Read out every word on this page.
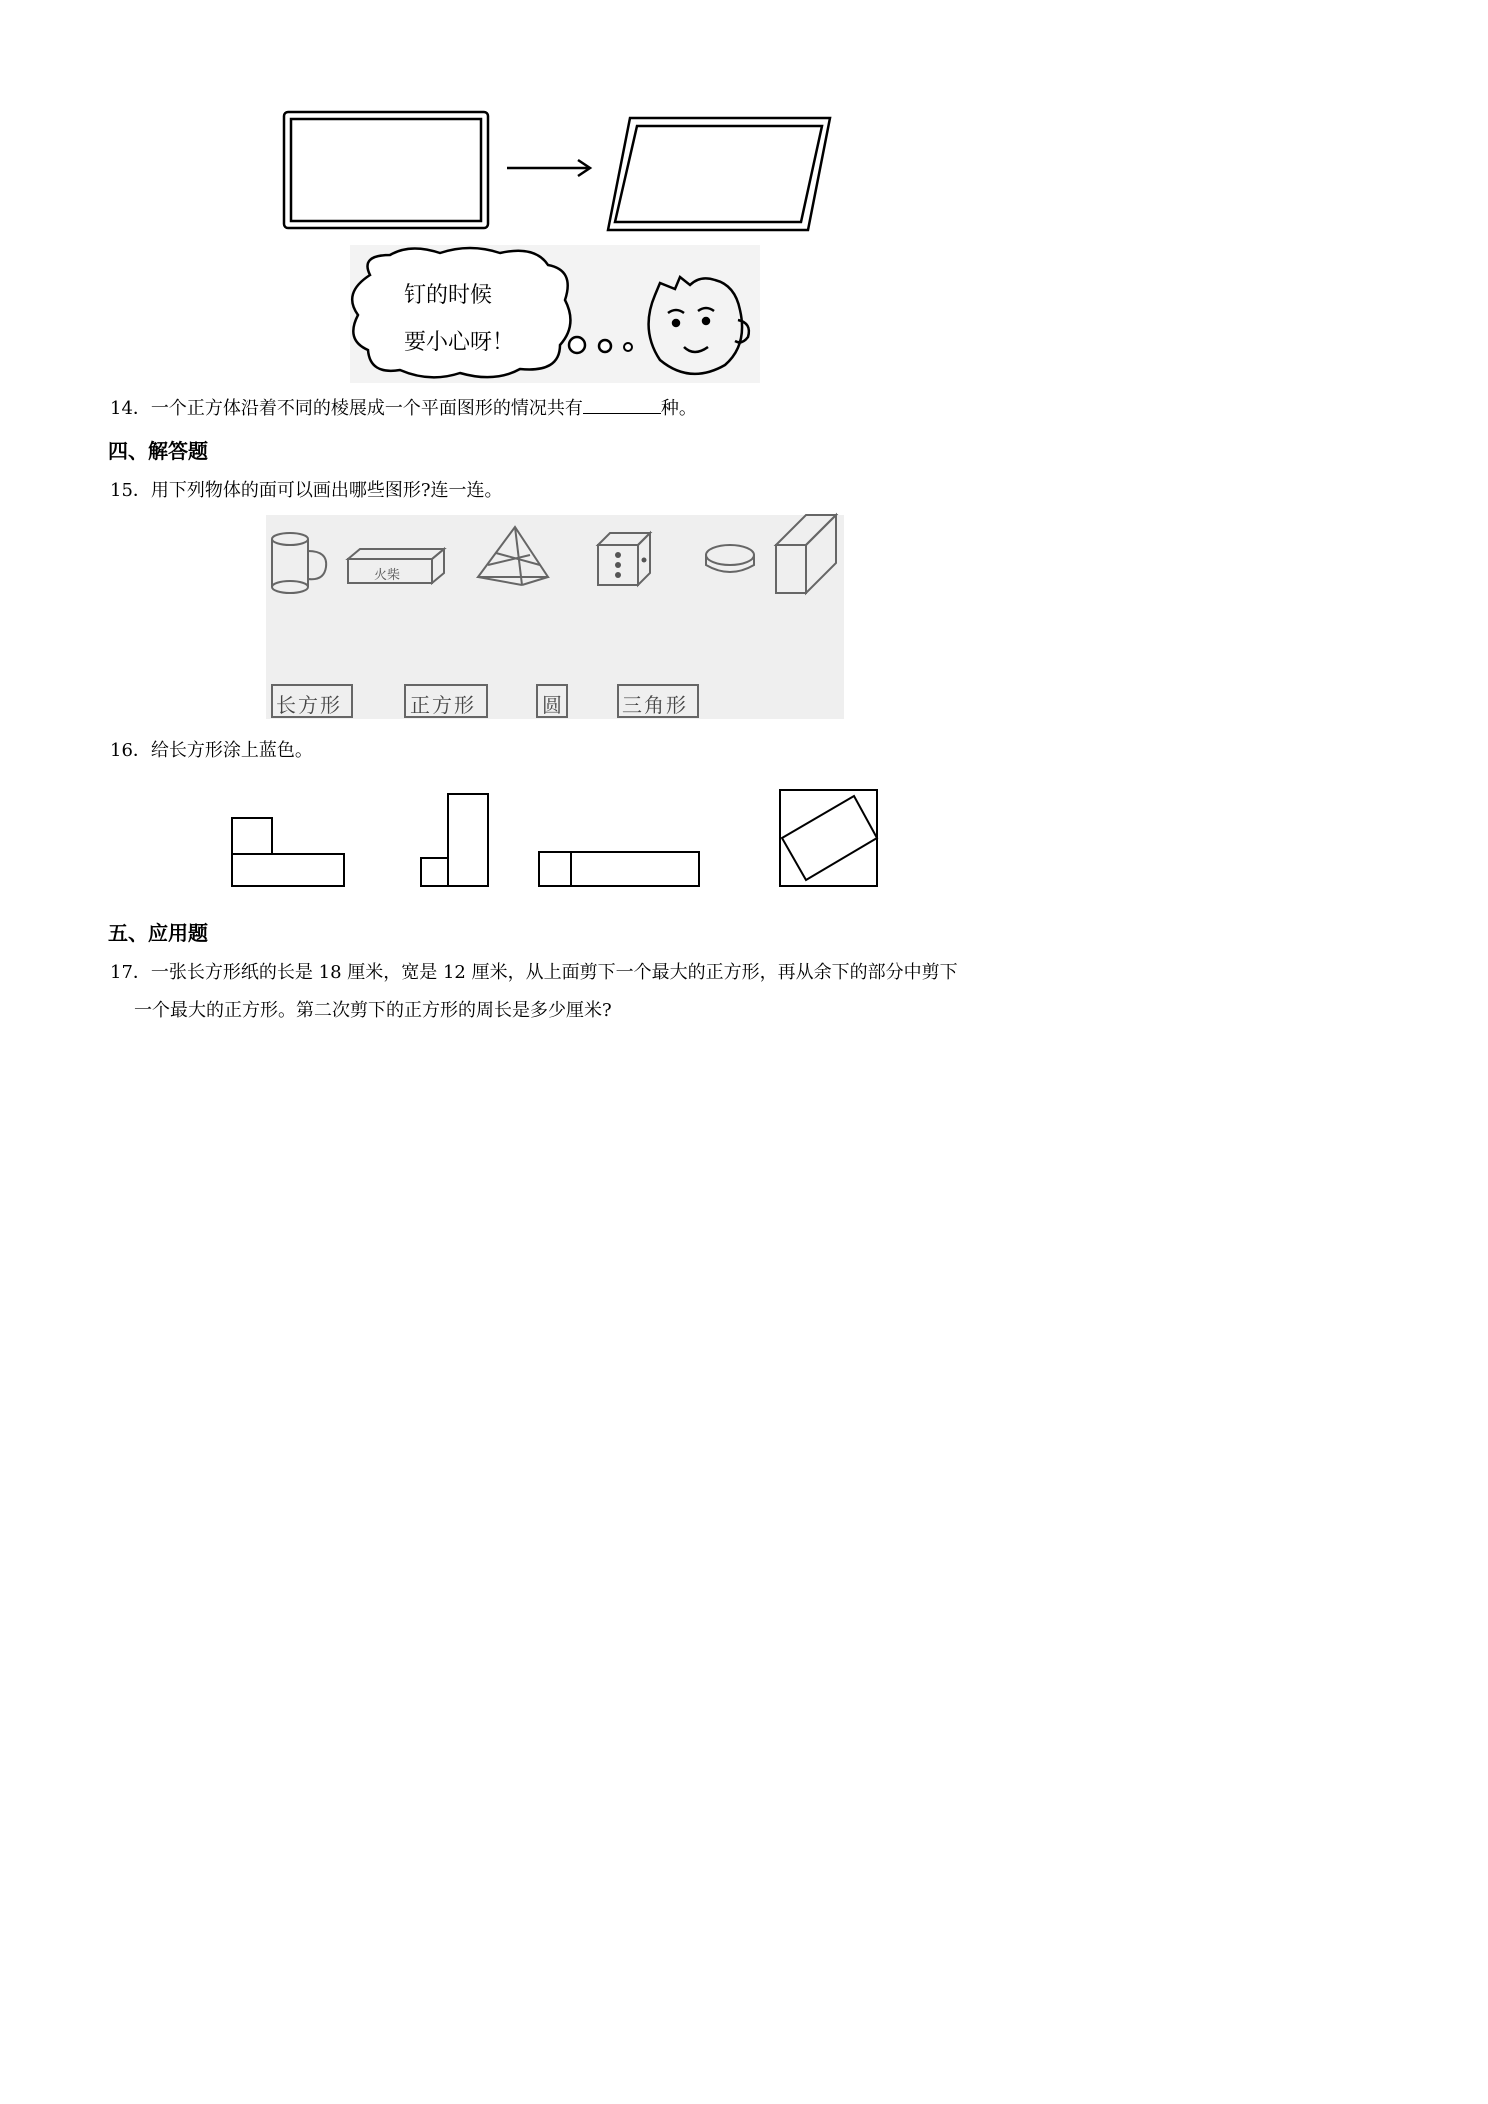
钉的时候
要小心呀！
14．一个正方体沿着不同的棱展成一个平面图形的情况共有	种。
四、解答题
15．用下列物体的面可以画出哪些图形?连一连。
火柴
长方形	正方形	圆	三角形
16．给长方形涂上蓝色。
五、应用题
17．一张长方形纸的长是 18 厘米，宽是 12 厘米，从上面剪下一个最大的正方形，再从余下的部分中剪下
一个最大的正方形。第二次剪下的正方形的周长是多少厘米?
